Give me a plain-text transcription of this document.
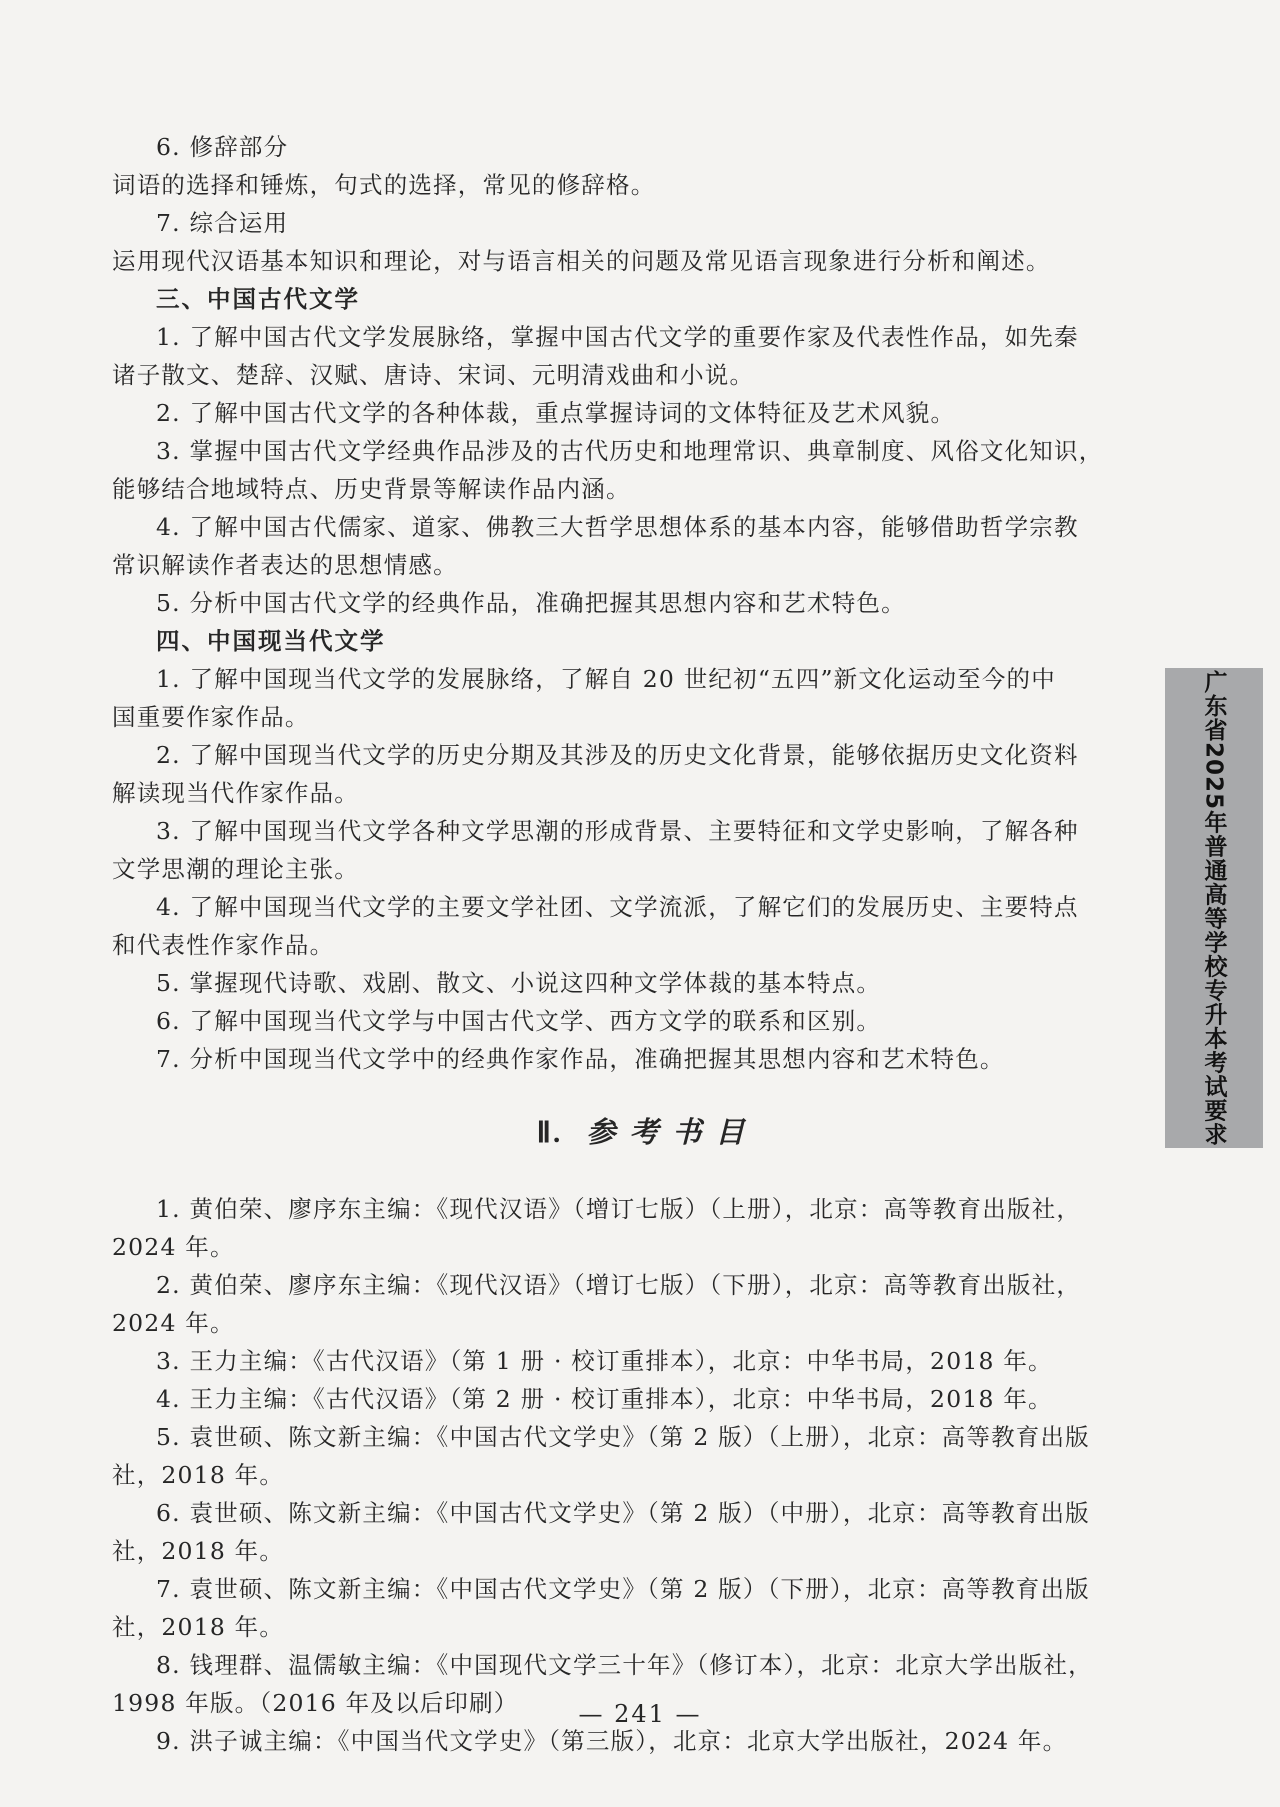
6. 修辞部分
词语的选择和锤炼，句式的选择，常见的修辞格。
7. 综合运用
运用现代汉语基本知识和理论，对与语言相关的问题及常见语言现象进行分析和阐述。
三、中国古代文学
1. 了解中国古代文学发展脉络，掌握中国古代文学的重要作家及代表性作品，如先秦
诸子散文、楚辞、汉赋、唐诗、宋词、元明清戏曲和小说。
2. 了解中国古代文学的各种体裁，重点掌握诗词的文体特征及艺术风貌。
3. 掌握中国古代文学经典作品涉及的古代历史和地理常识、典章制度、风俗文化知识，
能够结合地域特点、历史背景等解读作品内涵。
4. 了解中国古代儒家、道家、佛教三大哲学思想体系的基本内容，能够借助哲学宗教
常识解读作者表达的思想情感。
5. 分析中国古代文学的经典作品，准确把握其思想内容和艺术特色。
四、中国现当代文学
1. 了解中国现当代文学的发展脉络，了解自 20 世纪初“五四”新文化运动至今的中
国重要作家作品。
2. 了解中国现当代文学的历史分期及其涉及的历史文化背景，能够依据历史文化资料
解读现当代作家作品。
3. 了解中国现当代文学各种文学思潮的形成背景、主要特征和文学史影响，了解各种
文学思潮的理论主张。
4. 了解中国现当代文学的主要文学社团、文学流派，了解它们的发展历史、主要特点
和代表性作家作品。
5. 掌握现代诗歌、戏剧、散文、小说这四种文学体裁的基本特点。
6. 了解中国现当代文学与中国古代文学、西方文学的联系和区别。
7. 分析中国现当代文学中的经典作家作品，准确把握其思想内容和艺术特色。
Ⅱ. 参考书目
1. 黄伯荣、廖序东主编：《现代汉语》（增订七版）（上册），北京：高等教育出版社，
2024 年。
2. 黄伯荣、廖序东主编：《现代汉语》（增订七版）（下册），北京：高等教育出版社，
2024 年。
3. 王力主编：《古代汉语》（第 1 册 · 校订重排本），北京：中华书局，2018 年。
4. 王力主编：《古代汉语》（第 2 册 · 校订重排本），北京：中华书局，2018 年。
5. 袁世硕、陈文新主编：《中国古代文学史》（第 2 版）（上册），北京：高等教育出版
社，2018 年。
6. 袁世硕、陈文新主编：《中国古代文学史》（第 2 版）（中册），北京：高等教育出版
社，2018 年。
7. 袁世硕、陈文新主编：《中国古代文学史》（第 2 版）（下册），北京：高等教育出版
社，2018 年。
8. 钱理群、温儒敏主编：《中国现代文学三十年》（修订本），北京：北京大学出版社，
1998 年版。（2016 年及以后印刷）
9. 洪子诚主编：《中国当代文学史》（第三版），北京：北京大学出版社，2024 年。
广东省2025年普通高等学校专升本考试要求
— 241 —
